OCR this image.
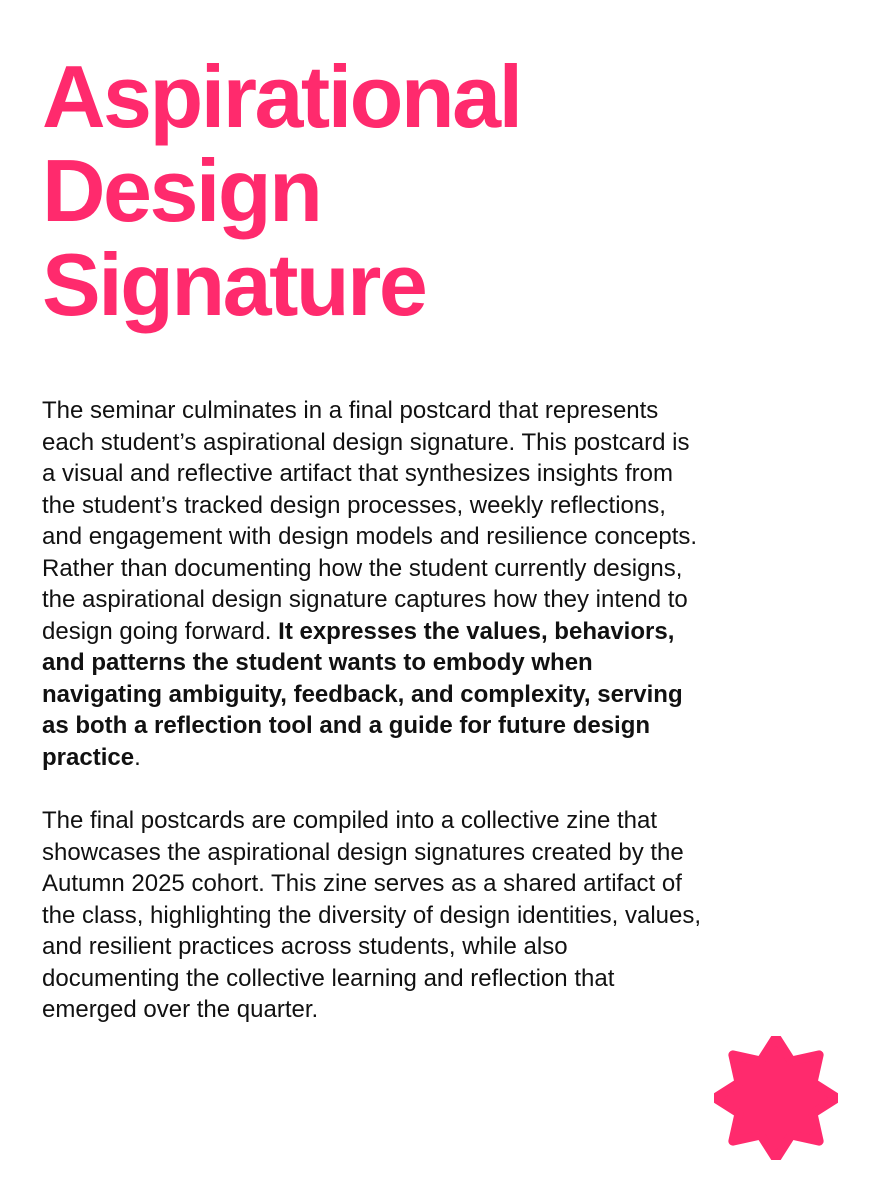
Aspirational
Design
Signature

The seminar culminates in a final postcard that represents each student’s aspirational design signature. This postcard is a visual and reflective artifact that synthesizes insights from the student’s tracked design processes, weekly reflections, and engagement with design models and resilience concepts. Rather than documenting how the student currently designs, the aspirational design signature captures how they intend to design going forward. It expresses the values, behaviors, and patterns the student wants to embody when navigating ambiguity, feedback, and complexity, serving as both a reflection tool and a guide for future design practice.

The final postcards are compiled into a collective zine that showcases the aspirational design signatures created by the Autumn 2025 cohort. This zine serves as a shared artifact of the class, highlighting the diversity of design identities, values, and resilient practices across students, while also documenting the collective learning and reflection that emerged over the quarter.
